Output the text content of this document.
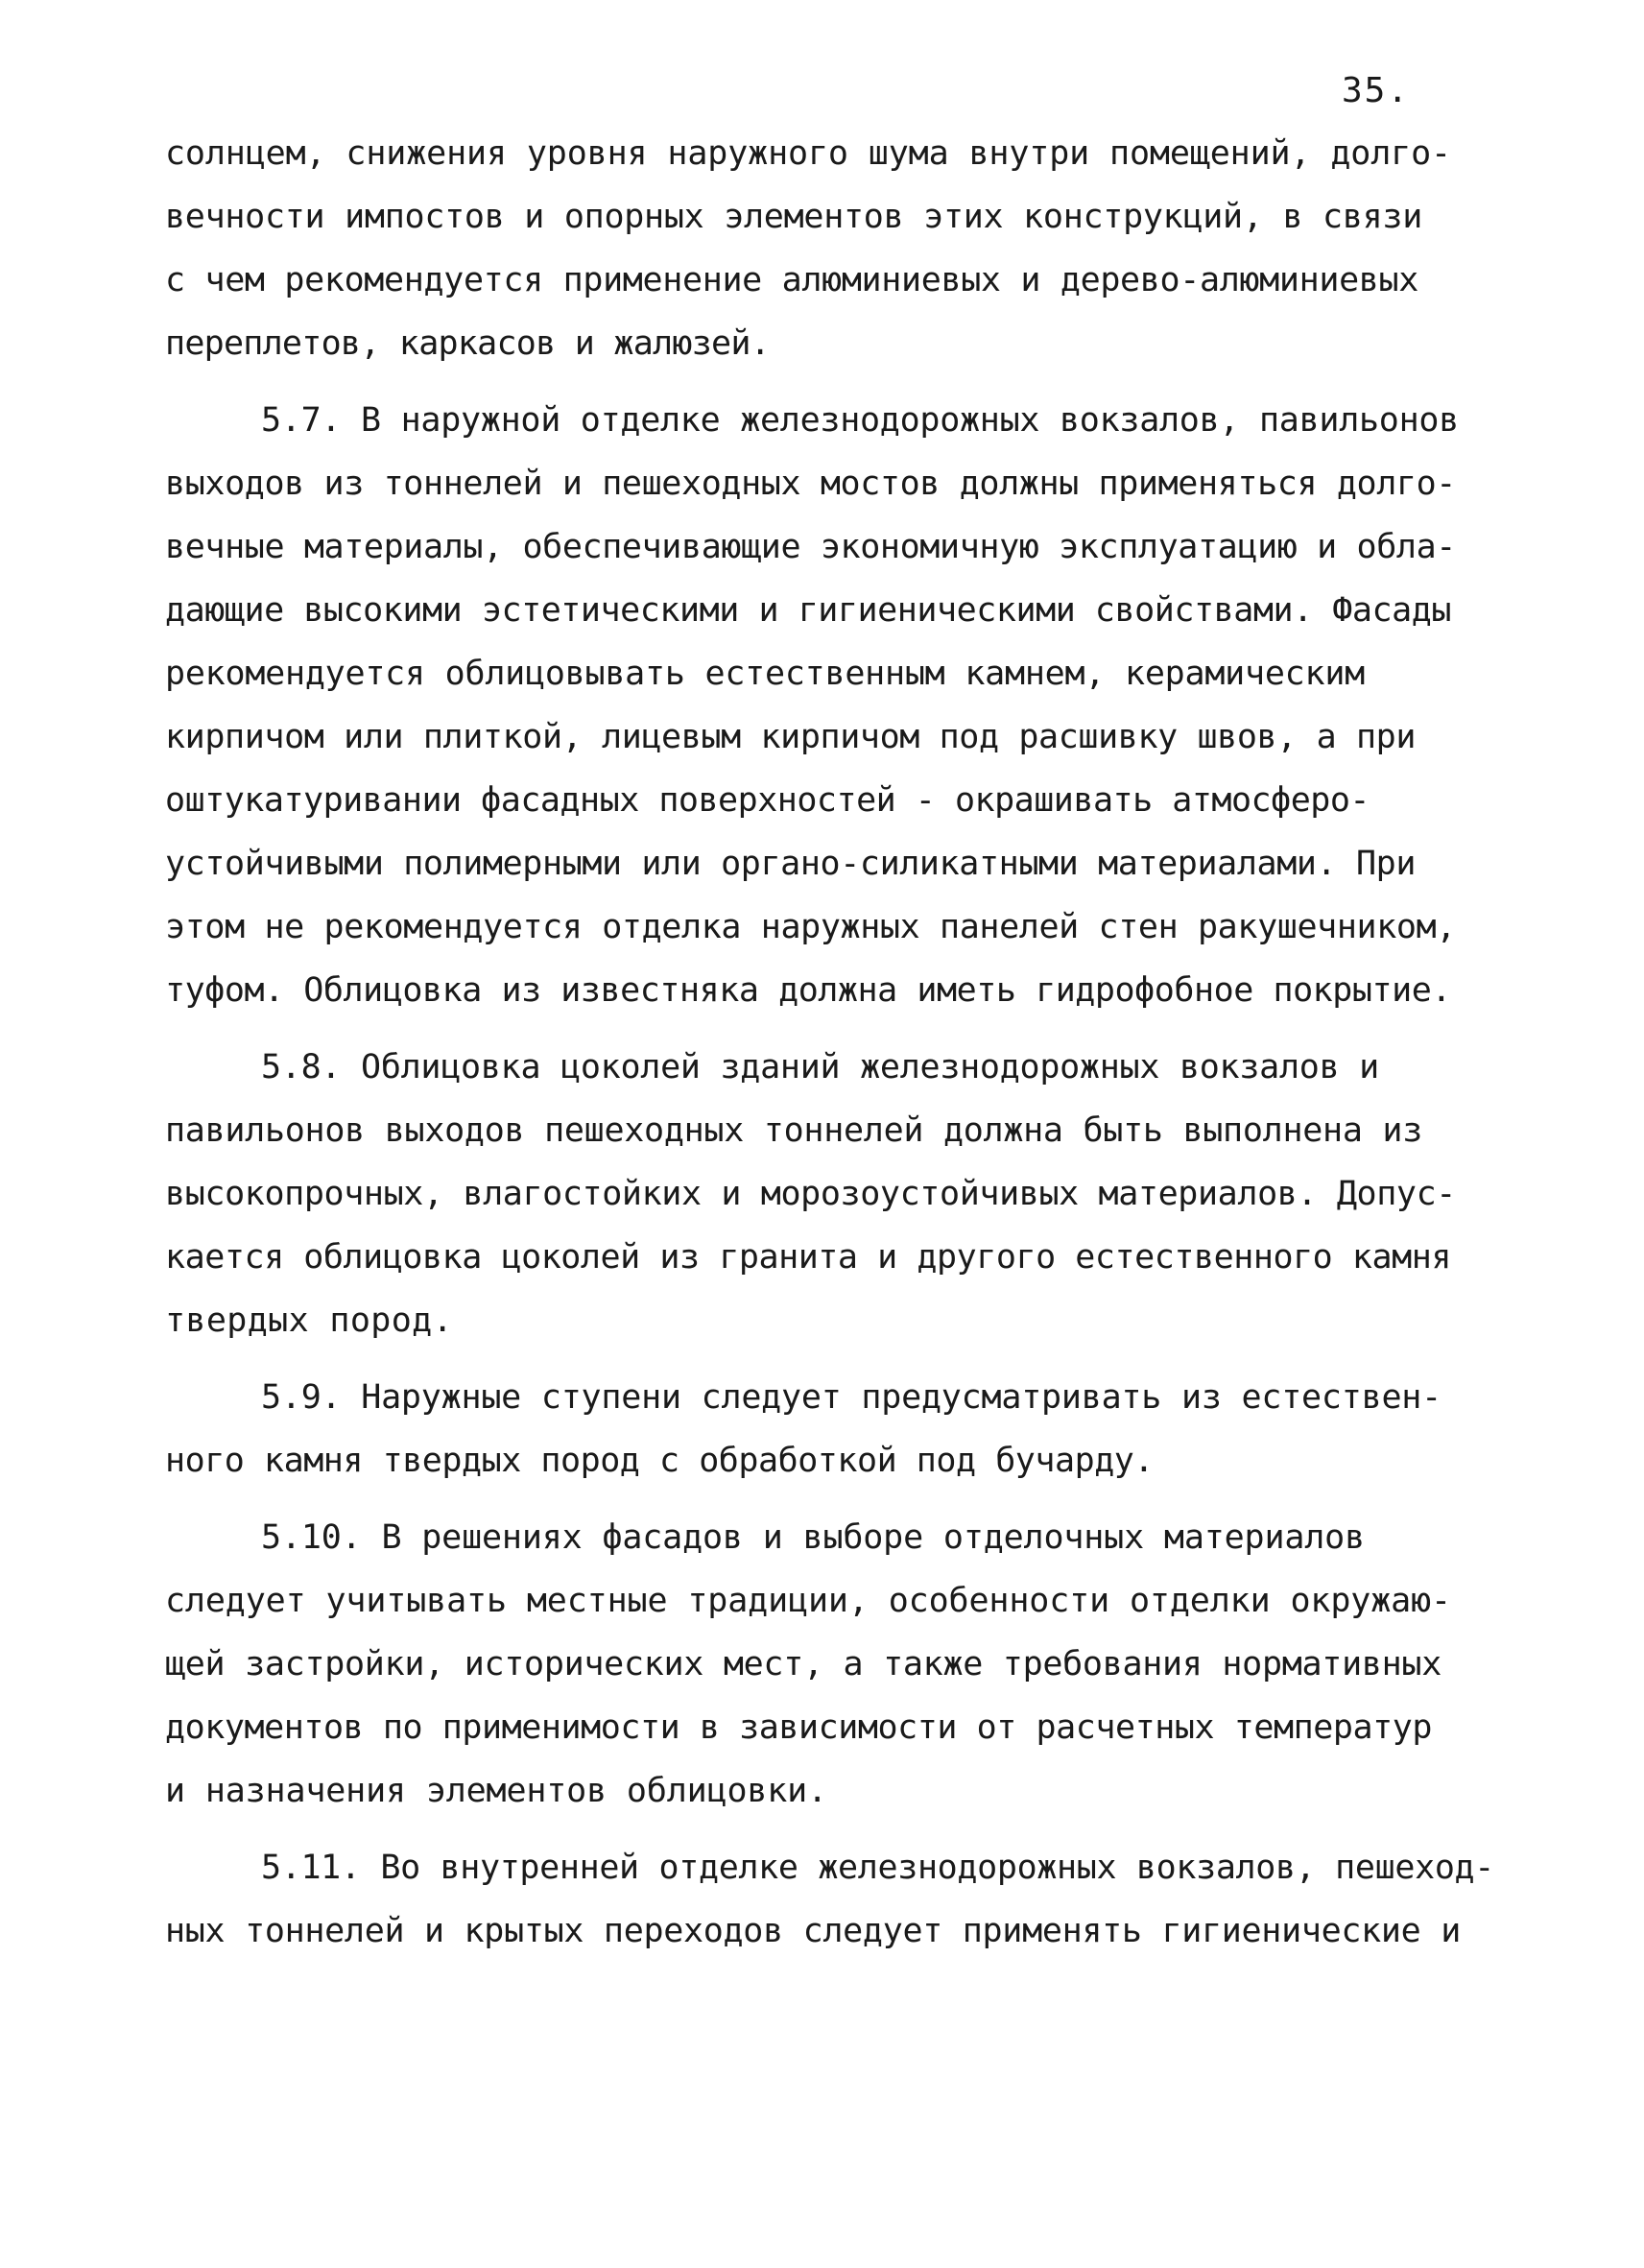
35.
солнцем, снижения уровня наружного шума внутри помещений, долго-
вечности импостов и опорных элементов этих конструкций, в связи
с чем рекомендуется применение алюминиевых и дерево-алюминиевых
переплетов, каркасов и жалюзей.
5.7. В наружной отделке железнодорожных вокзалов, павильонов
выходов из тоннелей и пешеходных мостов должны применяться долго-
вечные материалы, обеспечивающие экономичную эксплуатацию и обла-
дающие высокими эстетическими и гигиеническими свойствами. Фасады
рекомендуется облицовывать естественным камнем, керамическим
кирпичом или плиткой, лицевым кирпичом под расшивку швов, а при
оштукатуривании фасадных поверхностей - окрашивать атмосферо-
устойчивыми полимерными или органо-силикатными материалами. При
этом не рекомендуется отделка наружных панелей стен ракушечником,
туфом. Облицовка из известняка должна иметь гидрофобное покрытие.
5.8. Облицовка цоколей зданий железнодорожных вокзалов и
павильонов выходов пешеходных тоннелей должна быть выполнена из
высокопрочных, влагостойких и морозоустойчивых материалов. Допус-
кается облицовка цоколей из гранита и другого естественного камня
твердых пород.
5.9. Наружные ступени следует предусматривать из естествен-
ного камня твердых пород с обработкой под бучарду.
5.10. В решениях фасадов и выборе отделочных материалов
следует учитывать местные традиции, особенности отделки окружаю-
щей застройки, исторических мест, а также требования нормативных
документов по применимости в зависимости от расчетных температур
и назначения элементов облицовки.
5.11. Во внутренней отделке железнодорожных вокзалов, пешеход-
ных тоннелей и крытых переходов следует применять гигиенические и
